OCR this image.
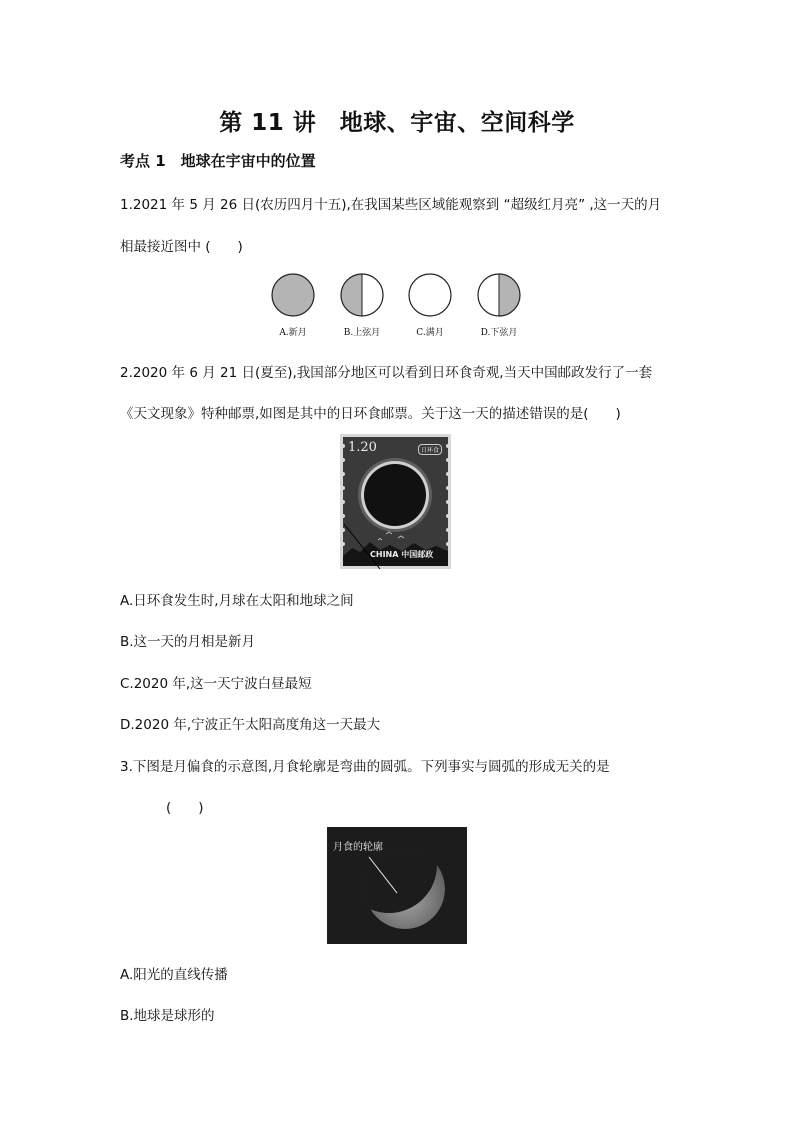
第 11 讲　地球、宇宙、空间科学
考点 1　地球在宇宙中的位置
1.2021 年 5 月 26 日(农历四月十五),在我国某些区域能观察到 “超级红月亮” ,这一天的月
相最接近图中 (　　)
A.新月	B.上弦月	C.满月	D.下弦月
2.2020 年 6 月 21 日(夏至),我国部分地区可以看到日环食奇观,当天中国邮政发行了一套
《天文现象》特种邮票,如图是其中的日环食邮票。关于这一天的描述错误的是(　　)
1.20	日环食
CHINA 中国邮政
A.日环食发生时,月球在太阳和地球之间
B.这一天的月相是新月
C.2020 年,这一天宁波白昼最短
D.2020 年,宁波正午太阳高度角这一天最大
3.下图是月偏食的示意图,月食轮廓是弯曲的圆弧。下列事实与圆弧的形成无关的是
(　　)
月食的轮廓
A.阳光的直线传播
B.地球是球形的
